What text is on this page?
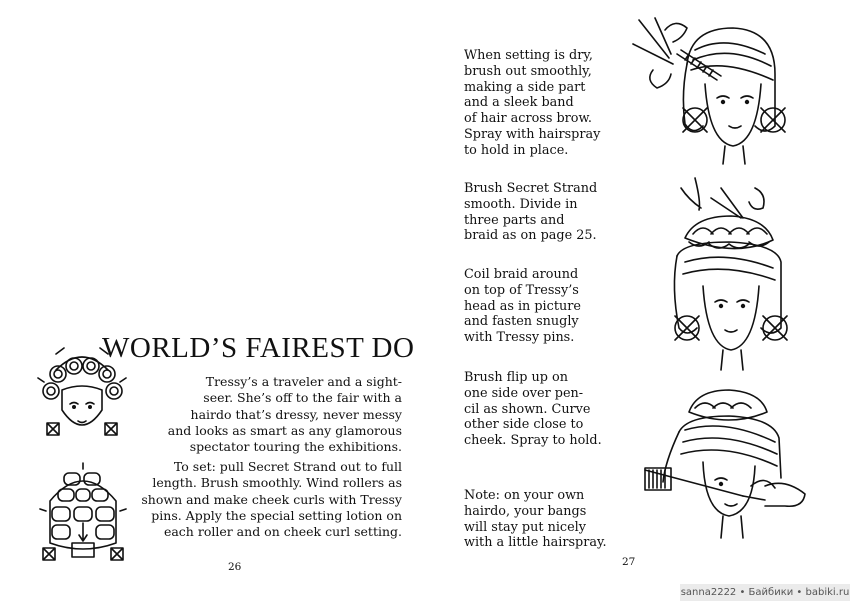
WORLD’S FAIREST DO
Tressy’s a traveler and a sight-
seer. She’s off to the fair with a
hairdo that’s dressy, never messy
and looks as smart as any glamorous
spectator touring the exhibitions.
To set: pull Secret Strand out to full length. Brush smoothly. Wind rollers as shown and make cheek curls with Tressy pins. Apply the special setting lotion on each roller and on cheek curl setting.
26
When setting is dry,
brush out smoothly,
making a side part
and a sleek band
of hair across brow.
Spray with hairspray
to hold in place.
Brush Secret Strand
smooth. Divide in
three parts and
braid as on page 25.
Coil braid around
on top of Tressy’s
head as in picture
and fasten snugly
with Tressy pins.
Brush flip up on
one side over pen-
cil as shown. Curve
other side close to
cheek. Spray to hold.
Note: on your own
hairdo, your bangs
will stay put nicely
with a little hairspray.
27
sanna2222 • Байбики • babiki.ru
